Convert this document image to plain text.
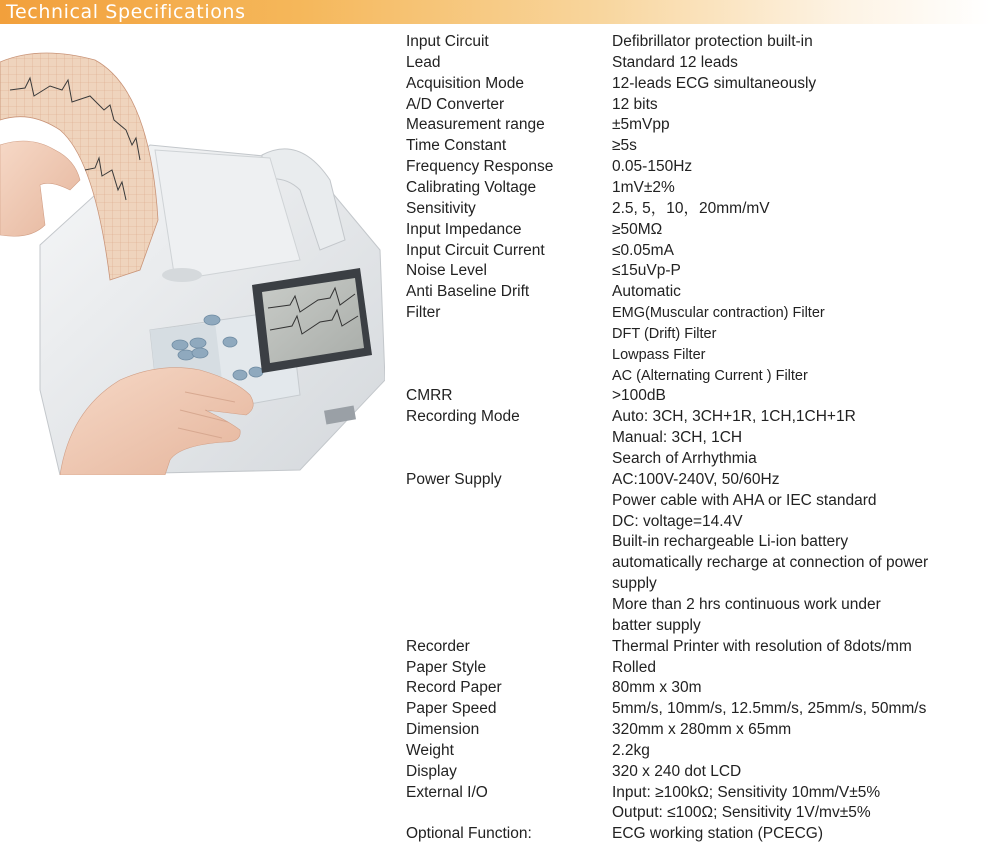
Technical Specifications
Input Circuit	Defibrillator protection built-in
Lead	Standard 12 leads
Acquisition Mode	12-leads ECG simultaneously
A/D Converter	12 bits
Measurement range	±5mVpp
Time Constant	≥5s
Frequency Response	0.05-150Hz
Calibrating Voltage	1mV±2%
Sensitivity	2.5, 5，10，20mm/mV
Input Impedance	≥50MΩ
Input Circuit Current	≤0.05mA
Noise Level	≤15uVp-P
Anti Baseline Drift	Automatic
Filter	EMG(Muscular contraction) Filter
DFT (Drift) Filter
Lowpass Filter
AC (Alternating Current ) Filter
CMRR	>100dB
Recording Mode	Auto: 3CH, 3CH+1R, 1CH,1CH+1R
Manual: 3CH, 1CH
Search of Arrhythmia
Power Supply	AC:100V-240V, 50/60Hz
Power cable with AHA or IEC standard
DC: voltage=14.4V
Built-in rechargeable Li-ion battery
automatically recharge at connection of power
supply
More than 2 hrs continuous work under
batter supply
Recorder	Thermal Printer with resolution of 8dots/mm
Paper Style	Rolled
Record Paper	80mm x 30m
Paper Speed	5mm/s, 10mm/s, 12.5mm/s, 25mm/s, 50mm/s
Dimension	320mm x 280mm x 65mm
Weight	2.2kg
Display	320 x 240 dot LCD
External I/O	Input: ≥100kΩ; Sensitivity 10mm/V±5%
Output: ≤100Ω; Sensitivity 1V/mv±5%
Optional Function:	ECG working station (PCECG)
